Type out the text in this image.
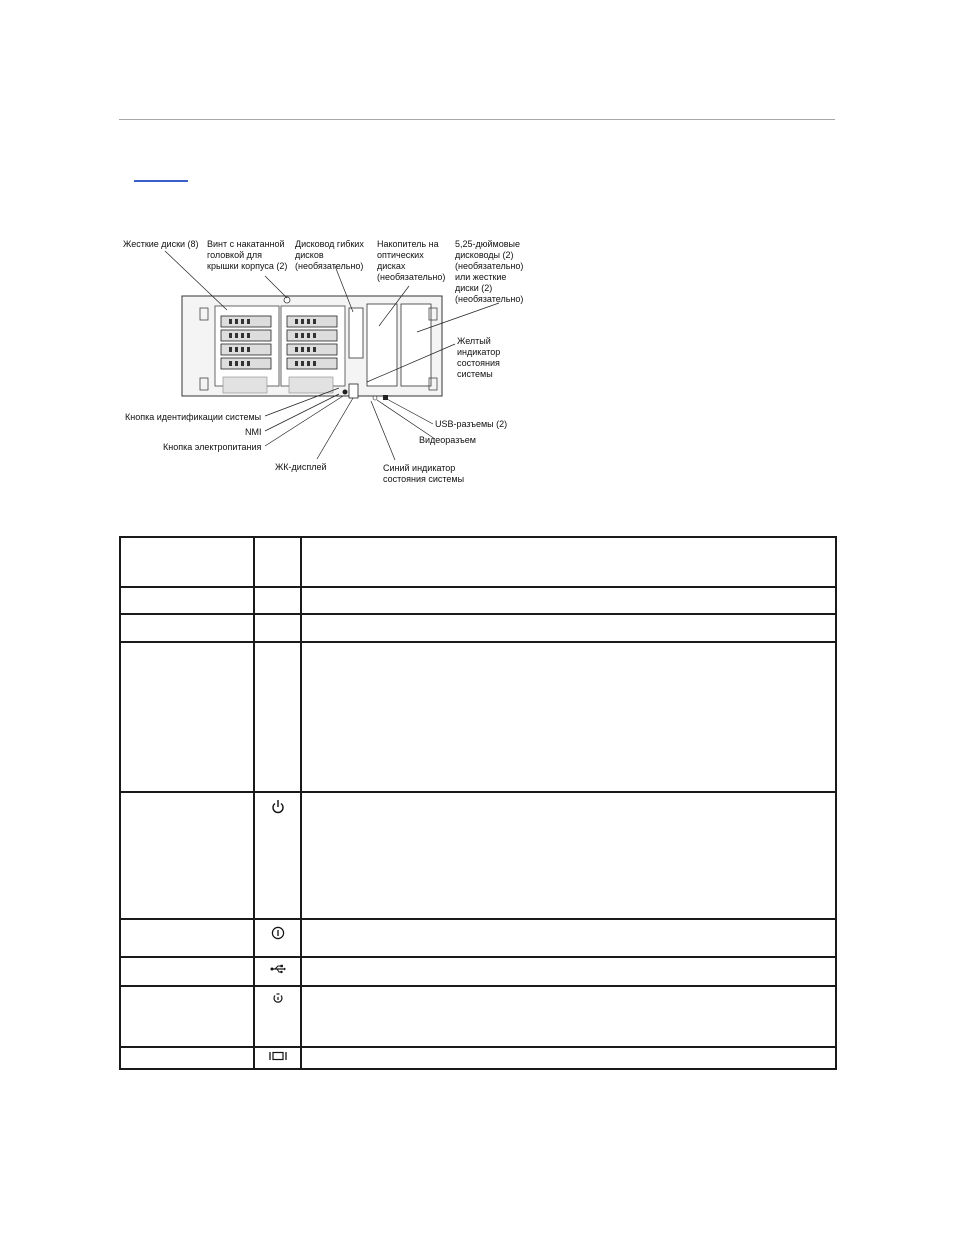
Жесткие диски (8) Винт с накатанной
головкой для
крышки корпуса (2)
Дисковод гибких
дисков
(необязательно)
Накопитель на
оптических
дисках
(необязательно)
5,25-дюймовые
дисководы (2)
(необязательно)
или жесткие
диски (2)
(необязательно)
Желтый
индикатор
состояния
системы
Кнопка идентификации системы
NMI
Кнопка электропитания
ЖК-дисплей
USB-разъемы (2)
Видеоразъем
Синий индикатор
состояния системы
